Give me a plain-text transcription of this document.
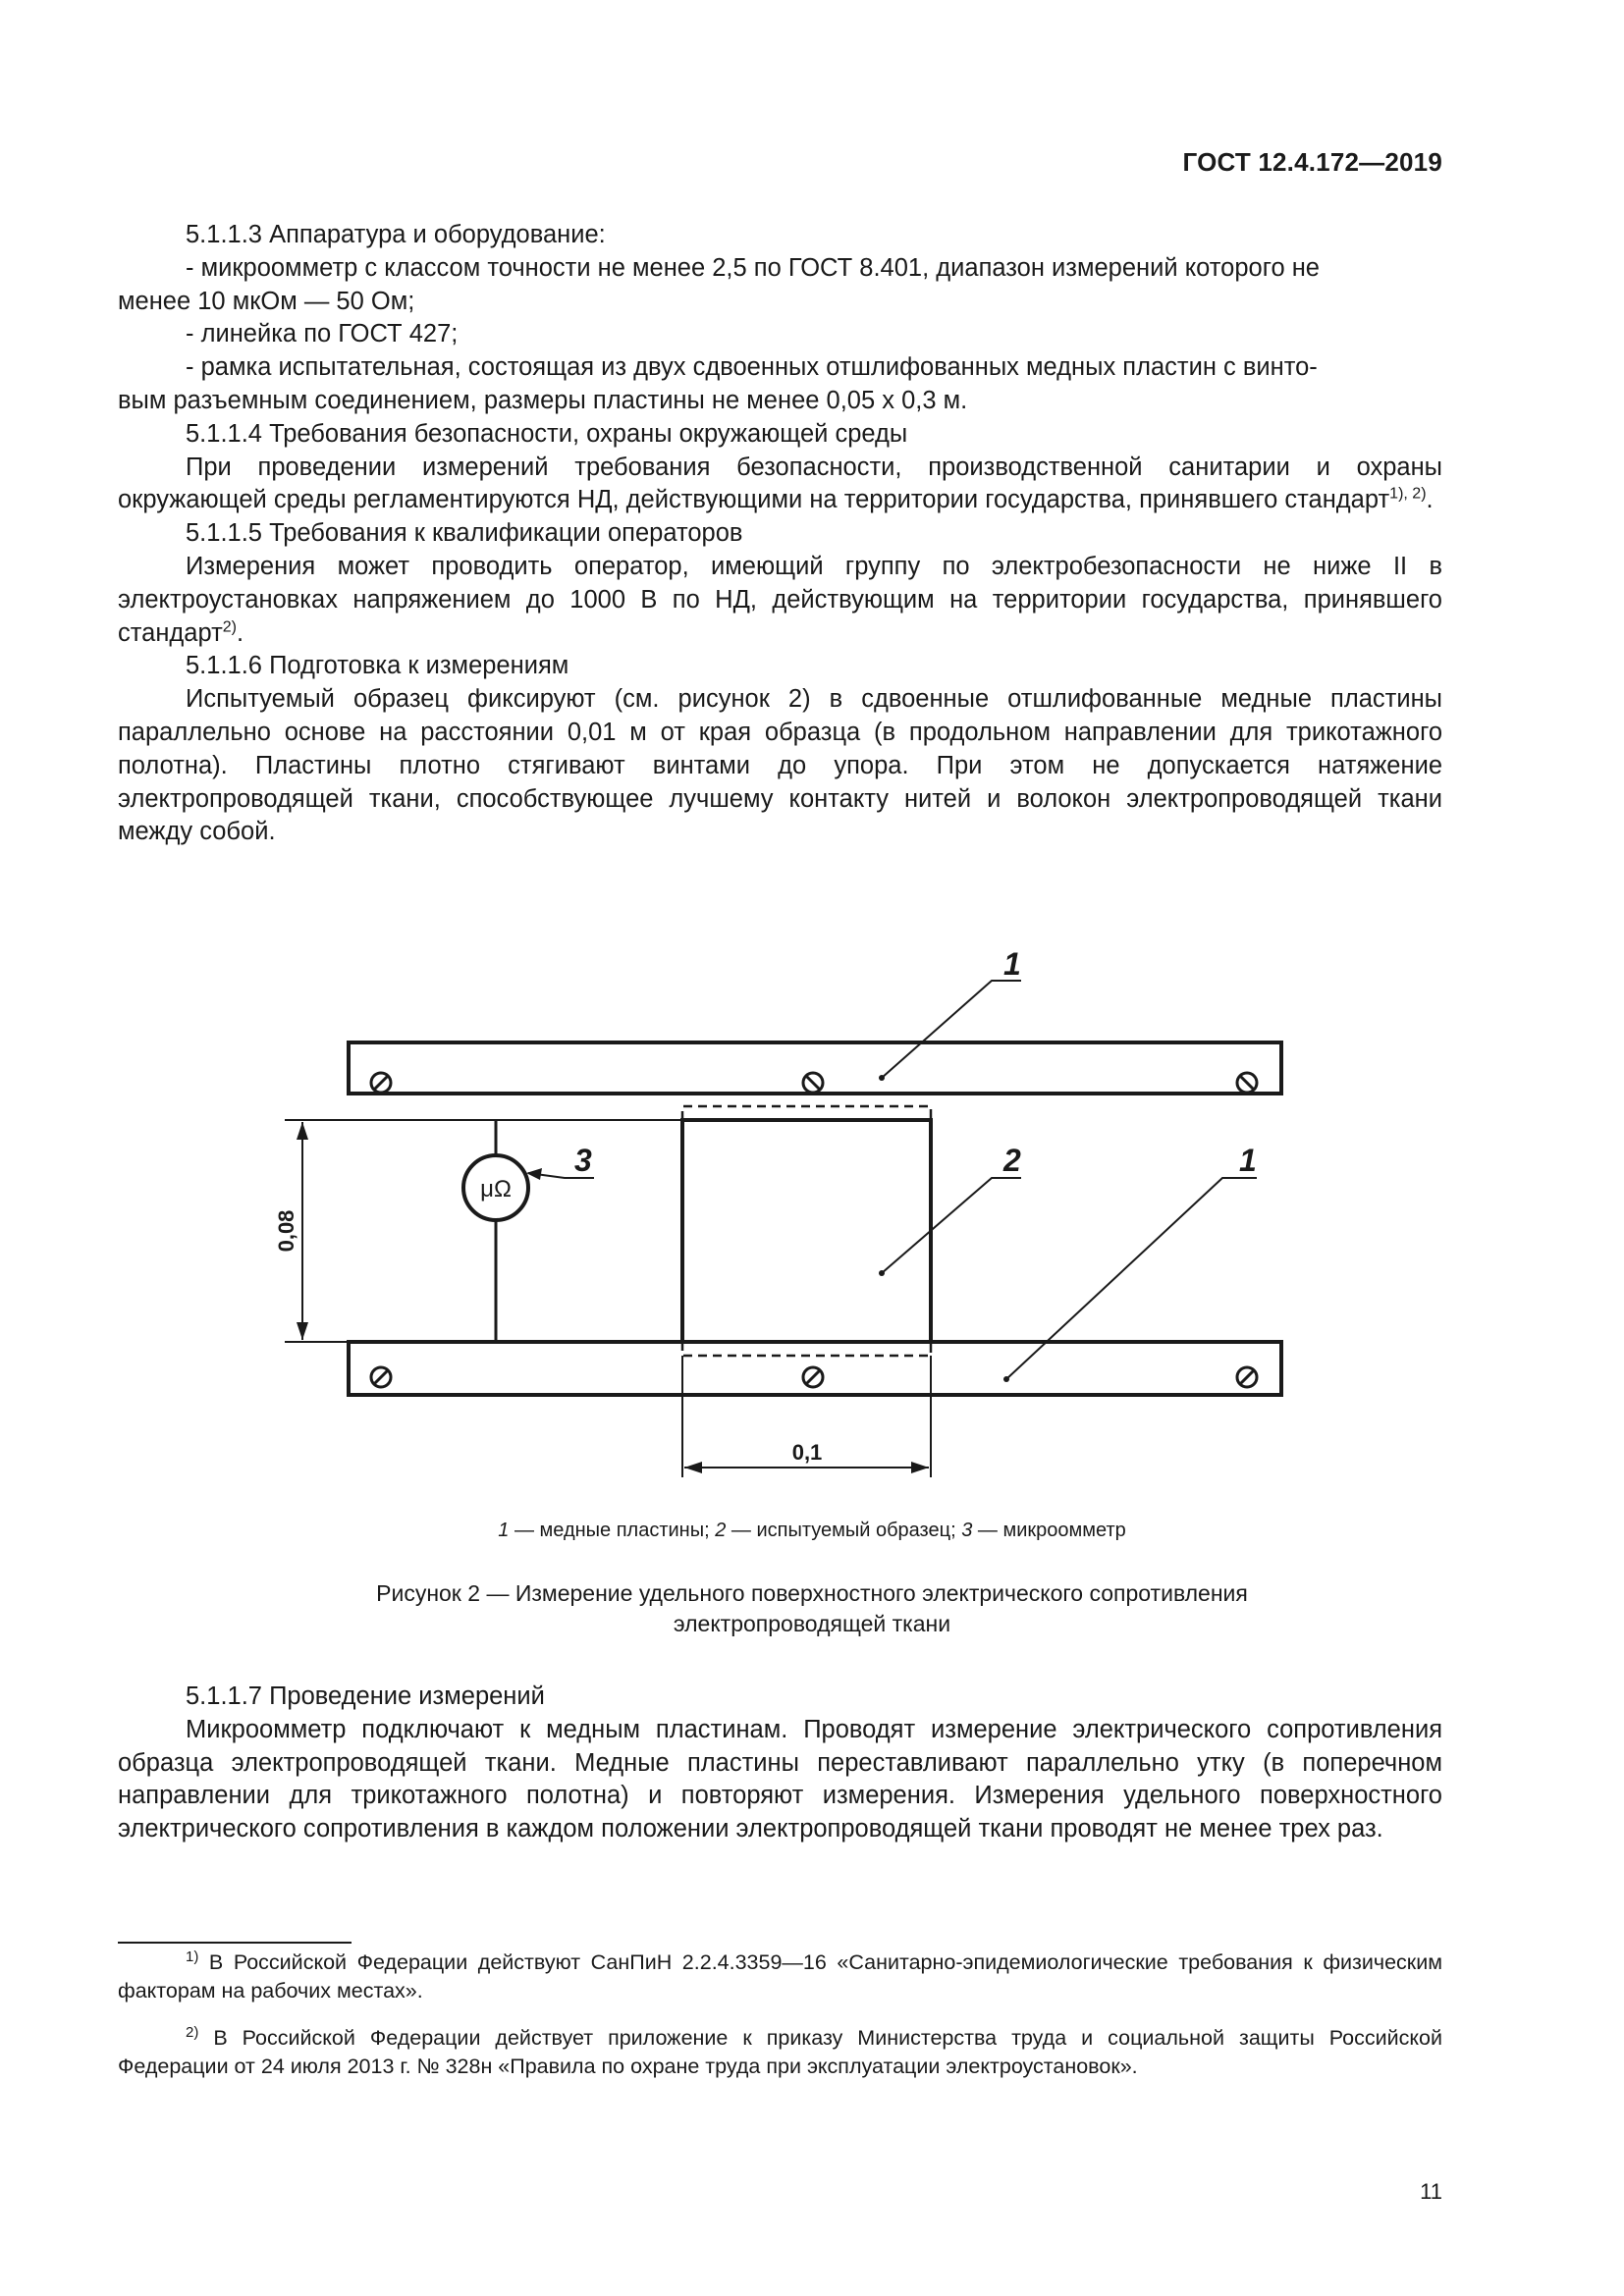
ГОСТ 12.4.172—2019

5.1.1.3 Аппаратура и оборудование:

- микроомметр с классом точности не менее 2,5 по ГОСТ 8.401, диапазон измерений которого не

менее 10 мкОм — 50 Ом;

- линейка по ГОСТ 427;

- рамка испытательная, состоящая из двух сдвоенных отшлифованных медных пластин с винто-

вым разъемным соединением, размеры пластины не менее 0,05 х 0,3 м.

5.1.1.4 Требования безопасности, охраны окружающей среды

При проведении измерений требования безопасности, производственной санитарии и охраны окружающей среды регламентируются НД, действующими на территории государства, принявшего стандарт$^{1), 2)}$.

5.1.1.5 Требования к квалификации операторов

Измерения может проводить оператор, имеющий группу по электробезопасности не ниже II в электроустановках напряжением до 1000 В по НД, действующим на территории государства, принявшего стандарт$^{2)}$.

5.1.1.6 Подготовка к измерениям

Испытуемый образец фиксируют (см. рисунок 2) в сдвоенные отшлифованные медные пластины параллельно основе на расстоянии 0,01 м от края образца (в продольном направлении для трикотажного полотна). Пластины плотно стягивают винтами до упора. При этом не допускается натяжение электропроводящей ткани, способствующее лучшему контакту нитей и волокон электропроводящей ткани между собой.

1
2	1
3
μΩ
0,08
0,1
1 — медные пластины; 2 — испытуемый образец; 3 — микроомметр
Рисунок 2 — Измерение удельного поверхностного электрического сопротивления
электропроводящей ткани

5.1.1.7 Проведение измерений

Микроомметр подключают к медным пластинам. Проводят измерение электрического сопротивления образца электропроводящей ткани. Медные пластины переставливают параллельно утку (в поперечном направлении для трикотажного полотна) и повторяют измерения. Измерения удельного поверхностного электрического сопротивления в каждом положении электропроводящей ткани проводят не менее трех раз.

$^{1)}$ В Российской Федерации действуют СанПиН 2.2.4.3359—16 «Санитарно-эпидемиологические требования к физическим факторам на рабочих местах».
$^{2)}$ В Российской Федерации действует приложение к приказу Министерства труда и социальной защиты Российской Федерации от 24 июля 2013 г. № 328н «Правила по охране труда при эксплуатации электроустановок».
11
